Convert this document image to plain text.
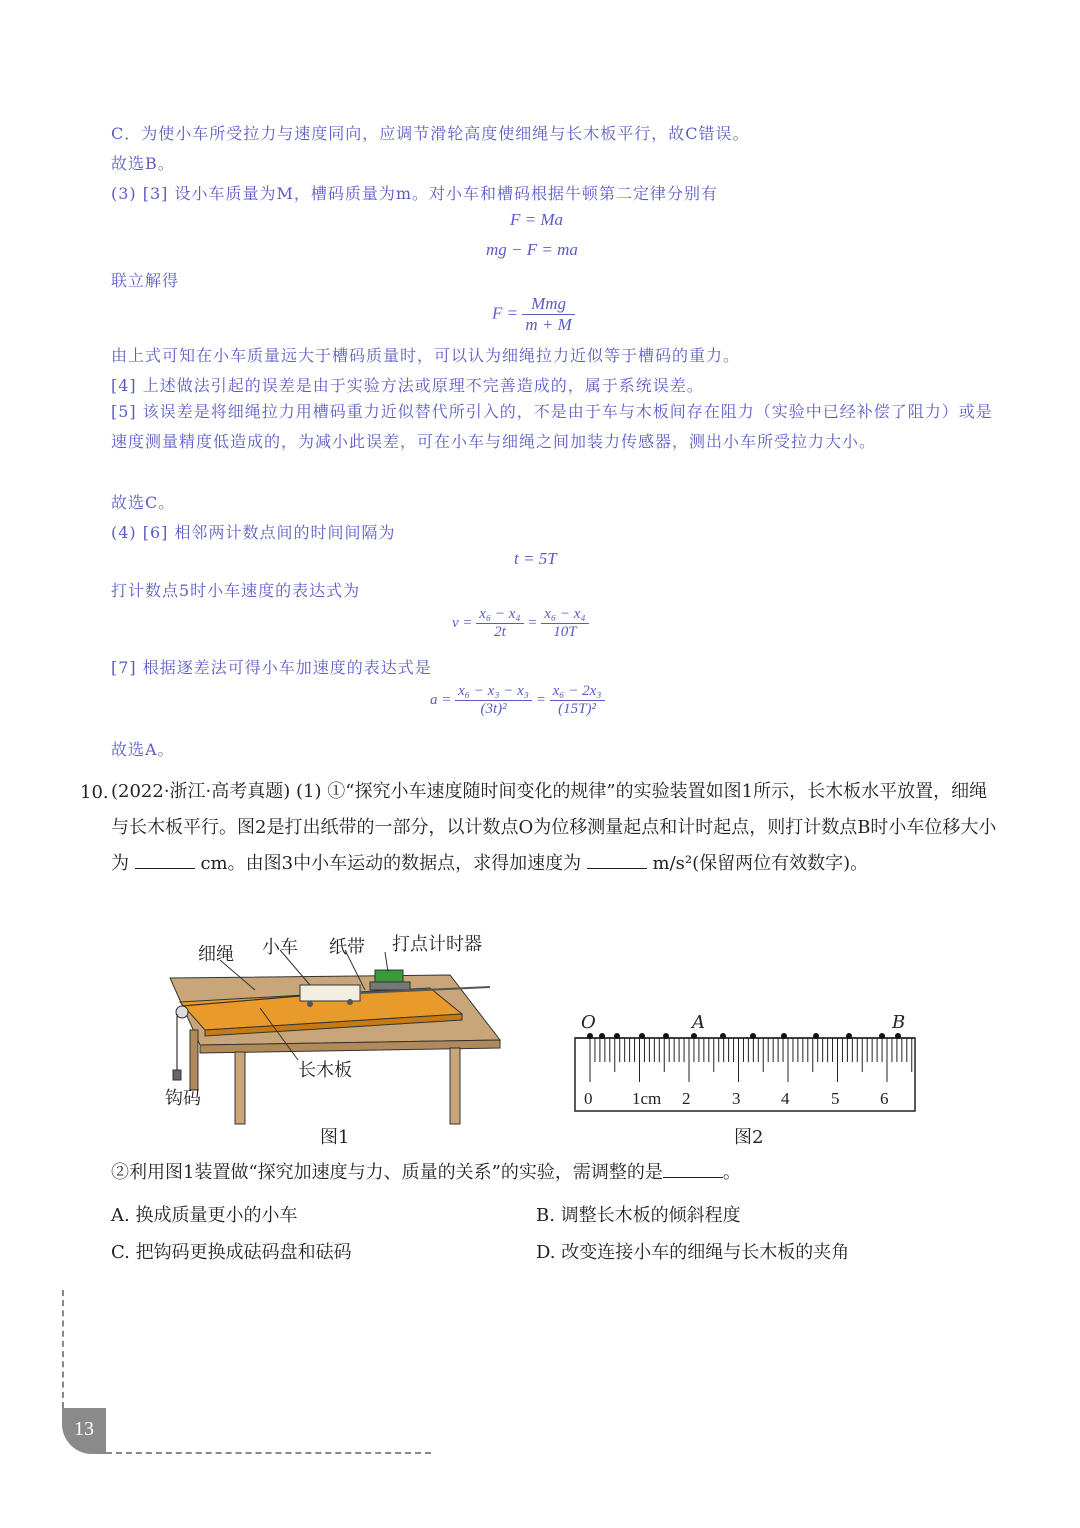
C．为使小车所受拉力与速度同向，应调节滑轮高度使细绳与长木板平行，故C错误。
故选B。
(3) [3] 设小车质量为M，槽码质量为m。对小车和槽码根据牛顿第二定律分别有
F = Ma
mg − F = ma
联立解得
$F = \frac{\text{Mmg}}{m + M}$
由上式可知在小车质量远大于槽码质量时，可以认为细绳拉力近似等于槽码的重力。
[4] 上述做法引起的误差是由于实验方法或原理不完善造成的，属于系统误差。
[5] 该误差是将细绳拉力用槽码重力近似替代所引入的，不是由于车与木板间存在阻力（实验中已经补偿了阻力）或是速度测量精度低造成的，为减小此误差，可在小车与细绳之间加装力传感器，测出小车所受拉力大小。
故选C。
(4) [6] 相邻两计数点间的时间间隔为
t = 5T
打计数点5时小车速度的表达式为
$v = \frac{\text{x₆ − x₄}}{2t} = \frac{\text{x₆ − x₄}}{10T}$
[7] 根据逐差法可得小车加速度的表达式是
$a = \frac{\text{x₆ − x₃ − x₃}}{\text{(3t)²}} = \frac{\text{x₆ − 2x₃}}{\text{(15T)²}}$
故选A。
10. (2022·浙江·高考真题) (1) ①“探究小车速度随时间变化的规律”的实验装置如图1所示，长木板水平放置，细绳与长木板平行。图2是打出纸带的一部分，以计数点O为位移测量起点和计时起点，则打计数点B时小车位移大小为	cm。由图3中小车运动的数据点，求得加速度为	m/s²(保留两位有效数字)。
细绳 小车 纸带 打点计时器
长木板
钩码
图1
O	A	B
0 1cm 2 3 4 5 6
图2
②利用图1装置做“探究加速度与力、质量的关系”的实验，需调整的是	。
A. 换成质量更小的小车	B. 调整长木板的倾斜程度
C. 把钩码更换成砝码盘和砝码	D. 改变连接小车的细绳与长木板的夹角
13
